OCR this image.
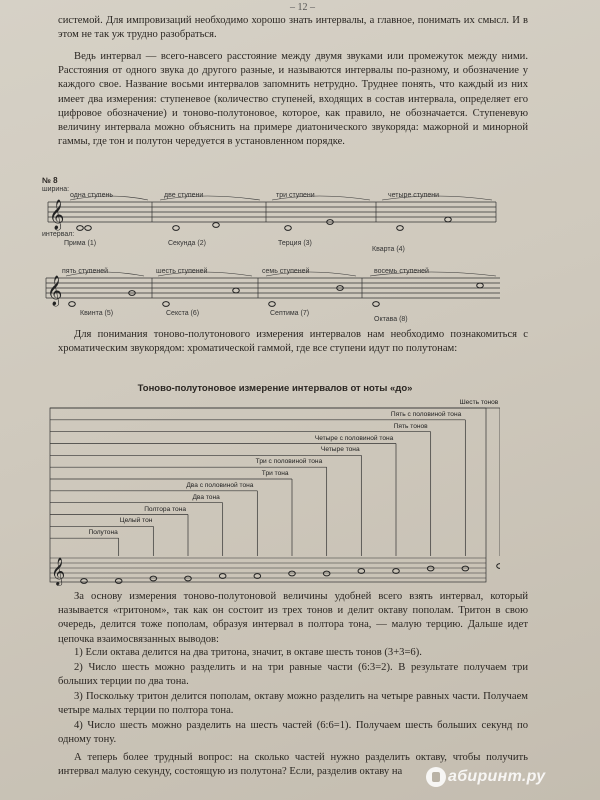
– 12 –

системой. Для импровизаций необходимо хорошо знать интервалы, а главное, понимать их смысл. И в этом не так уж трудно разобраться.

Ведь интервал — всего-навсего расстояние между двумя звуками или промежуток между ними. Расстояния от одного звука до другого разные, и называются интервалы по-разному, и обозначение у каждого свое. Название восьми интервалов запомнить нетрудно. Труднее понять, что каждый из них имеет два измерения: ступеневое (количество ступеней, входящих в состав интервала, определяет его цифровое обозначение) и тоново-полутоновое, которое, как правило, не обозначается. Ступеневую величину интервала можно объяснить на примере диатонического звукоряда: мажорной и минорной гаммы, где тон и полутон чередуется в установленном порядке.

№ 8
ширина:
интервал:
𝄞
одна ступень	две ступени	три ступени	четыре ступени
Прима (1)	Секунда (2)	Терция (3)
Кварта (4)
𝄞
пять ступеней	шесть ступеней	семь ступеней	восемь ступеней
Квинта (5)	Секста (6)	Септима (7)
Октава (8)

Для понимания тоново-полутонового измерения интервалов нам необходимо познакомиться с хроматическим звукорядом: хроматической гаммой, где все ступени идут по полутонам:

Тоново-полутоновое измерение интервалов от ноты «до»
𝄞
Полутона
Целый тон
Полтора тона
Два тона
Два с половиной тона
Три тона
Три с половиной тона
Четыре тона
Четыре с половиной тона
Пять тонов
Пять с половиной тона
Шесть тонов

За основу измерения тоново-полутоновой величины удобней всего взять интервал, который называется «тритоном», так как он состоит из трех тонов и делит октаву пополам. Тритон в свою очередь, делится тоже пополам, образуя интервал в полтора тона, — малую терцию. Дальше идет цепочка взаимосвязанных выводов:

1) Если октава делится на два тритона, значит, в октаве шесть тонов (3+3=6).

2) Число шесть можно разделить и на три равные части (6:3=2). В результате получаем три больших терции по два тона.

3) Поскольку тритон делится пополам, октаву можно разделить на четыре равных части. Получаем четыре малых терции по полтора тона.

4) Число шесть можно разделить на шесть частей (6:6=1). Получаем шесть больших секунд по одному тону.

А теперь более трудный вопрос: на сколько частей нужно разделить октаву, чтобы получить интервал малую секунду, состоящую из полутона? Если, разделив октаву на	абиринт.ру
